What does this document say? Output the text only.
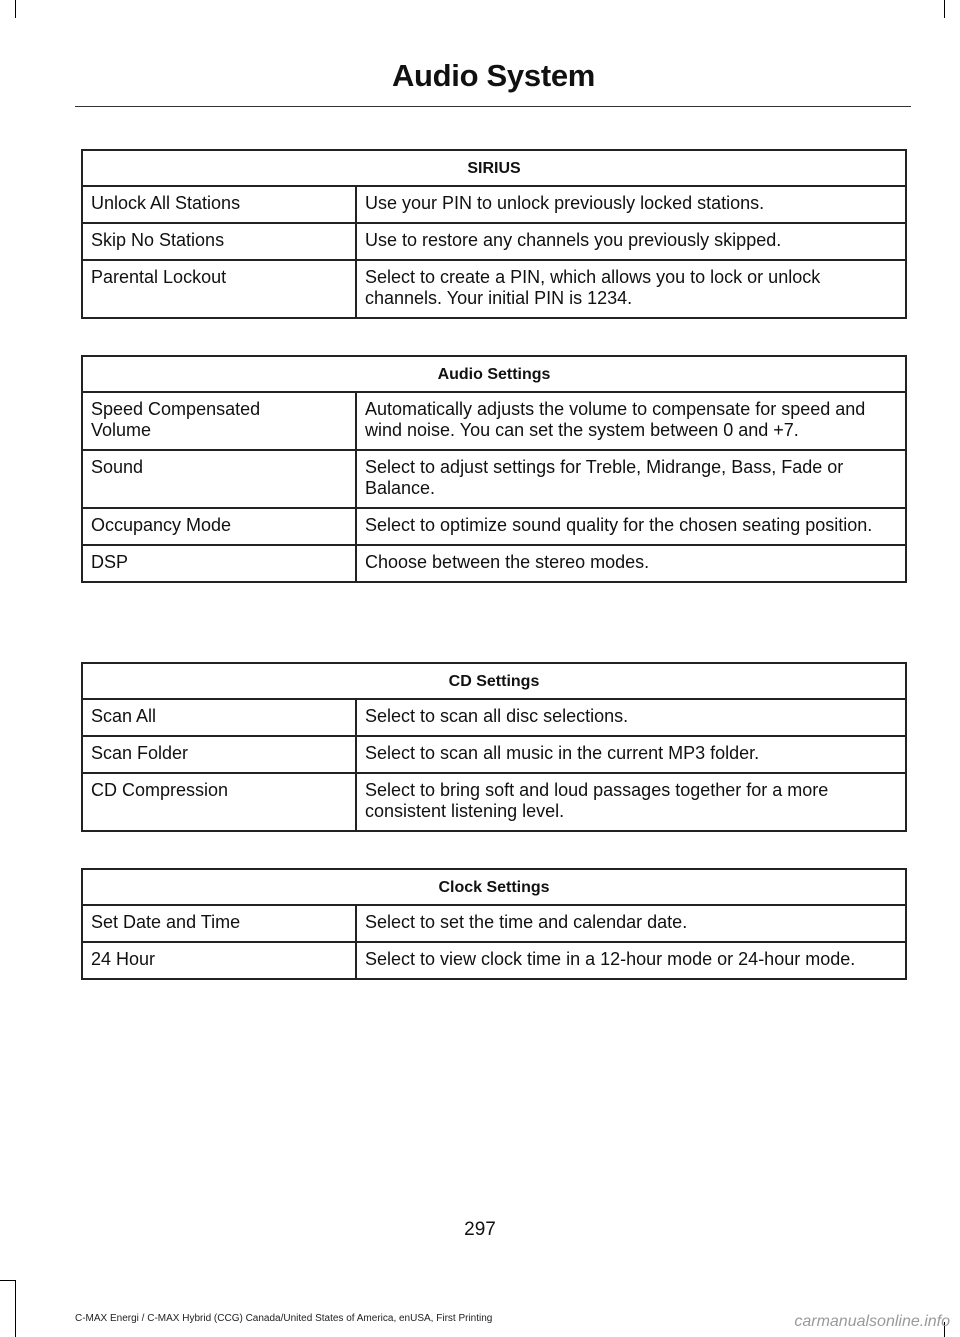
Audio System
SIRIUS	
Unlock All Stations	Use your PIN to unlock previously locked stations.
Skip No Stations	Use to restore any channels you previously skipped.
Parental Lockout	Select to create a PIN, which allows you to lock or unlock channels. Your initial PIN is 1234.
Audio Settings	
Speed Compensated Volume	Automatically adjusts the volume to compensate for speed and wind noise. You can set the system between 0 and +7.
Sound	Select to adjust settings for Treble, Midrange, Bass, Fade or Balance.
Occupancy Mode	Select to optimize sound quality for the chosen seating position.
DSP	Choose between the stereo modes.
CD Settings	
Scan All	Select to scan all disc selections.
Scan Folder	Select to scan all music in the current MP3 folder.
CD Compression	Select to bring soft and loud passages together for a more consistent listening level.
Clock Settings	
Set Date and Time	Select to set the time and calendar date.
24 Hour	Select to view clock time in a 12-hour mode or 24-hour mode.
297
C-MAX Energi / C-MAX Hybrid (CCG) Canada/United States of America, enUSA, First Printing	carmanualsonline.info
